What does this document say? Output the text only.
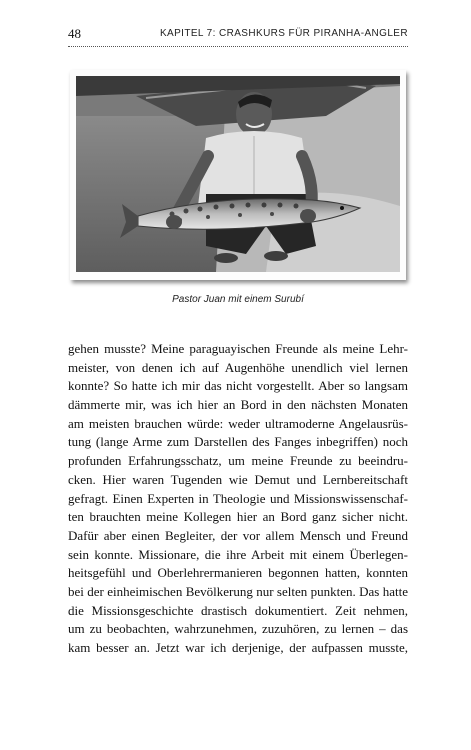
48	KAPITEL 7: CRASHKURS FÜR PIRANHA-ANGLER
Pastor Juan mit einem Surubí
gehen musste? Meine paraguayischen Freunde als meine Lehr-
meister, von denen ich auf Augenhöhe unendlich viel lernen
konnte? So hatte ich mir das nicht vorgestellt. Aber so langsam
dämmerte mir, was ich hier an Bord in den nächsten Monaten
am meisten brauchen würde: weder ultramoderne Angelausrüs-
tung (lange Arme zum Darstellen des Fanges inbegriffen) noch
profunden Erfahrungsschatz, um meine Freunde zu beeindru-
cken. Hier waren Tugenden wie Demut und Lernbereitschaft
gefragt. Einen Experten in Theologie und Missionswissenschaf-
ten brauchten meine Kollegen hier an Bord ganz sicher nicht.
Dafür aber einen Begleiter, der vor allem Mensch und Freund
sein konnte. Missionare, die ihre Arbeit mit einem Überlegen-
heitsgefühl und Oberlehrermanieren begonnen hatten, konnten
bei der einheimischen Bevölkerung nur selten punkten. Das hatte
die Missionsgeschichte drastisch dokumentiert. Zeit nehmen,
um zu beobachten, wahrzunehmen, zuzuhören, zu lernen – das
kam besser an. Jetzt war ich derjenige, der aufpassen musste,
